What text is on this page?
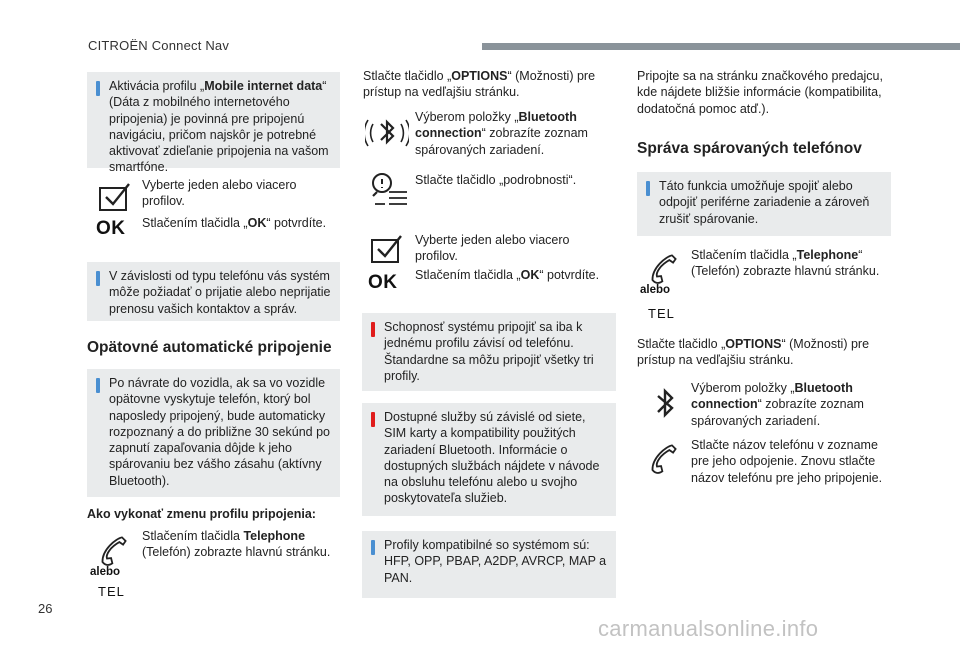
CITROËN Connect Nav
26
carmanualsonline.info
Aktivácia profilu „Mobile internet data“ (Dáta z mobilného internetového pripojenia) je povinná pre pripojenú navigáciu, pričom najskôr je potrebné aktivovať zdieľanie pripojenia na vašom smartfóne.
Vyberte jeden alebo viacero profilov.
OK Stlačením tlačidla „OK“ potvrdíte.
V závislosti od typu telefónu vás systém môže požiadať o prijatie alebo neprijatie prenosu vašich kontaktov a správ.
Opätovné automatické pripojenie
Po návrate do vozidla, ak sa vo vozidle opätovne vyskytuje telefón, ktorý bol naposledy pripojený, bude automaticky rozpoznaný a do približne 30 sekúnd po zapnutí zapaľovania dôjde k jeho spárovaniu bez vášho zásahu (aktívny Bluetooth).
Ako vykonať zmenu profilu pripojenia:
alebo
TEL
Stlačením tlačidla Telephone (Telefón) zobrazte hlavnú stránku.
Stlačte tlačidlo „OPTIONS“ (Možnosti) pre prístup na vedľajšiu stránku.
Výberom položky „Bluetooth connection“ zobrazíte zoznam spárovaných zariadení.
Stlačte tlačidlo „podrobnosti“.
Vyberte jeden alebo viacero profilov.
OK Stlačením tlačidla „OK“ potvrdíte.
Schopnosť systému pripojiť sa iba k jednému profilu závisí od telefónu. Štandardne sa môžu pripojiť všetky tri profily.
Dostupné služby sú závislé od siete, SIM karty a kompatibility použitých zariadení Bluetooth. Informácie o dostupných službách nájdete v návode na obsluhu telefónu alebo u svojho poskytovateľa služieb.
Profily kompatibilné so systémom sú: HFP, OPP, PBAP, A2DP, AVRCP, MAP a PAN.
Pripojte sa na stránku značkového predajcu, kde nájdete bližšie informácie (kompatibilita, dodatočná pomoc atď.).
Správa spárovaných telefónov
Táto funkcia umožňuje spojiť alebo odpojiť periférne zariadenie a zároveň zrušiť spárovanie.
alebo
TEL
Stlačením tlačidla „Telephone“ (Telefón) zobrazte hlavnú stránku.
Stlačte tlačidlo „OPTIONS“ (Možnosti) pre prístup na vedľajšiu stránku.
Výberom položky „Bluetooth connection“ zobrazíte zoznam spárovaných zariadení.
Stlačte názov telefónu v zozname pre jeho odpojenie. Znovu stlačte názov telefónu pre jeho pripojenie.
